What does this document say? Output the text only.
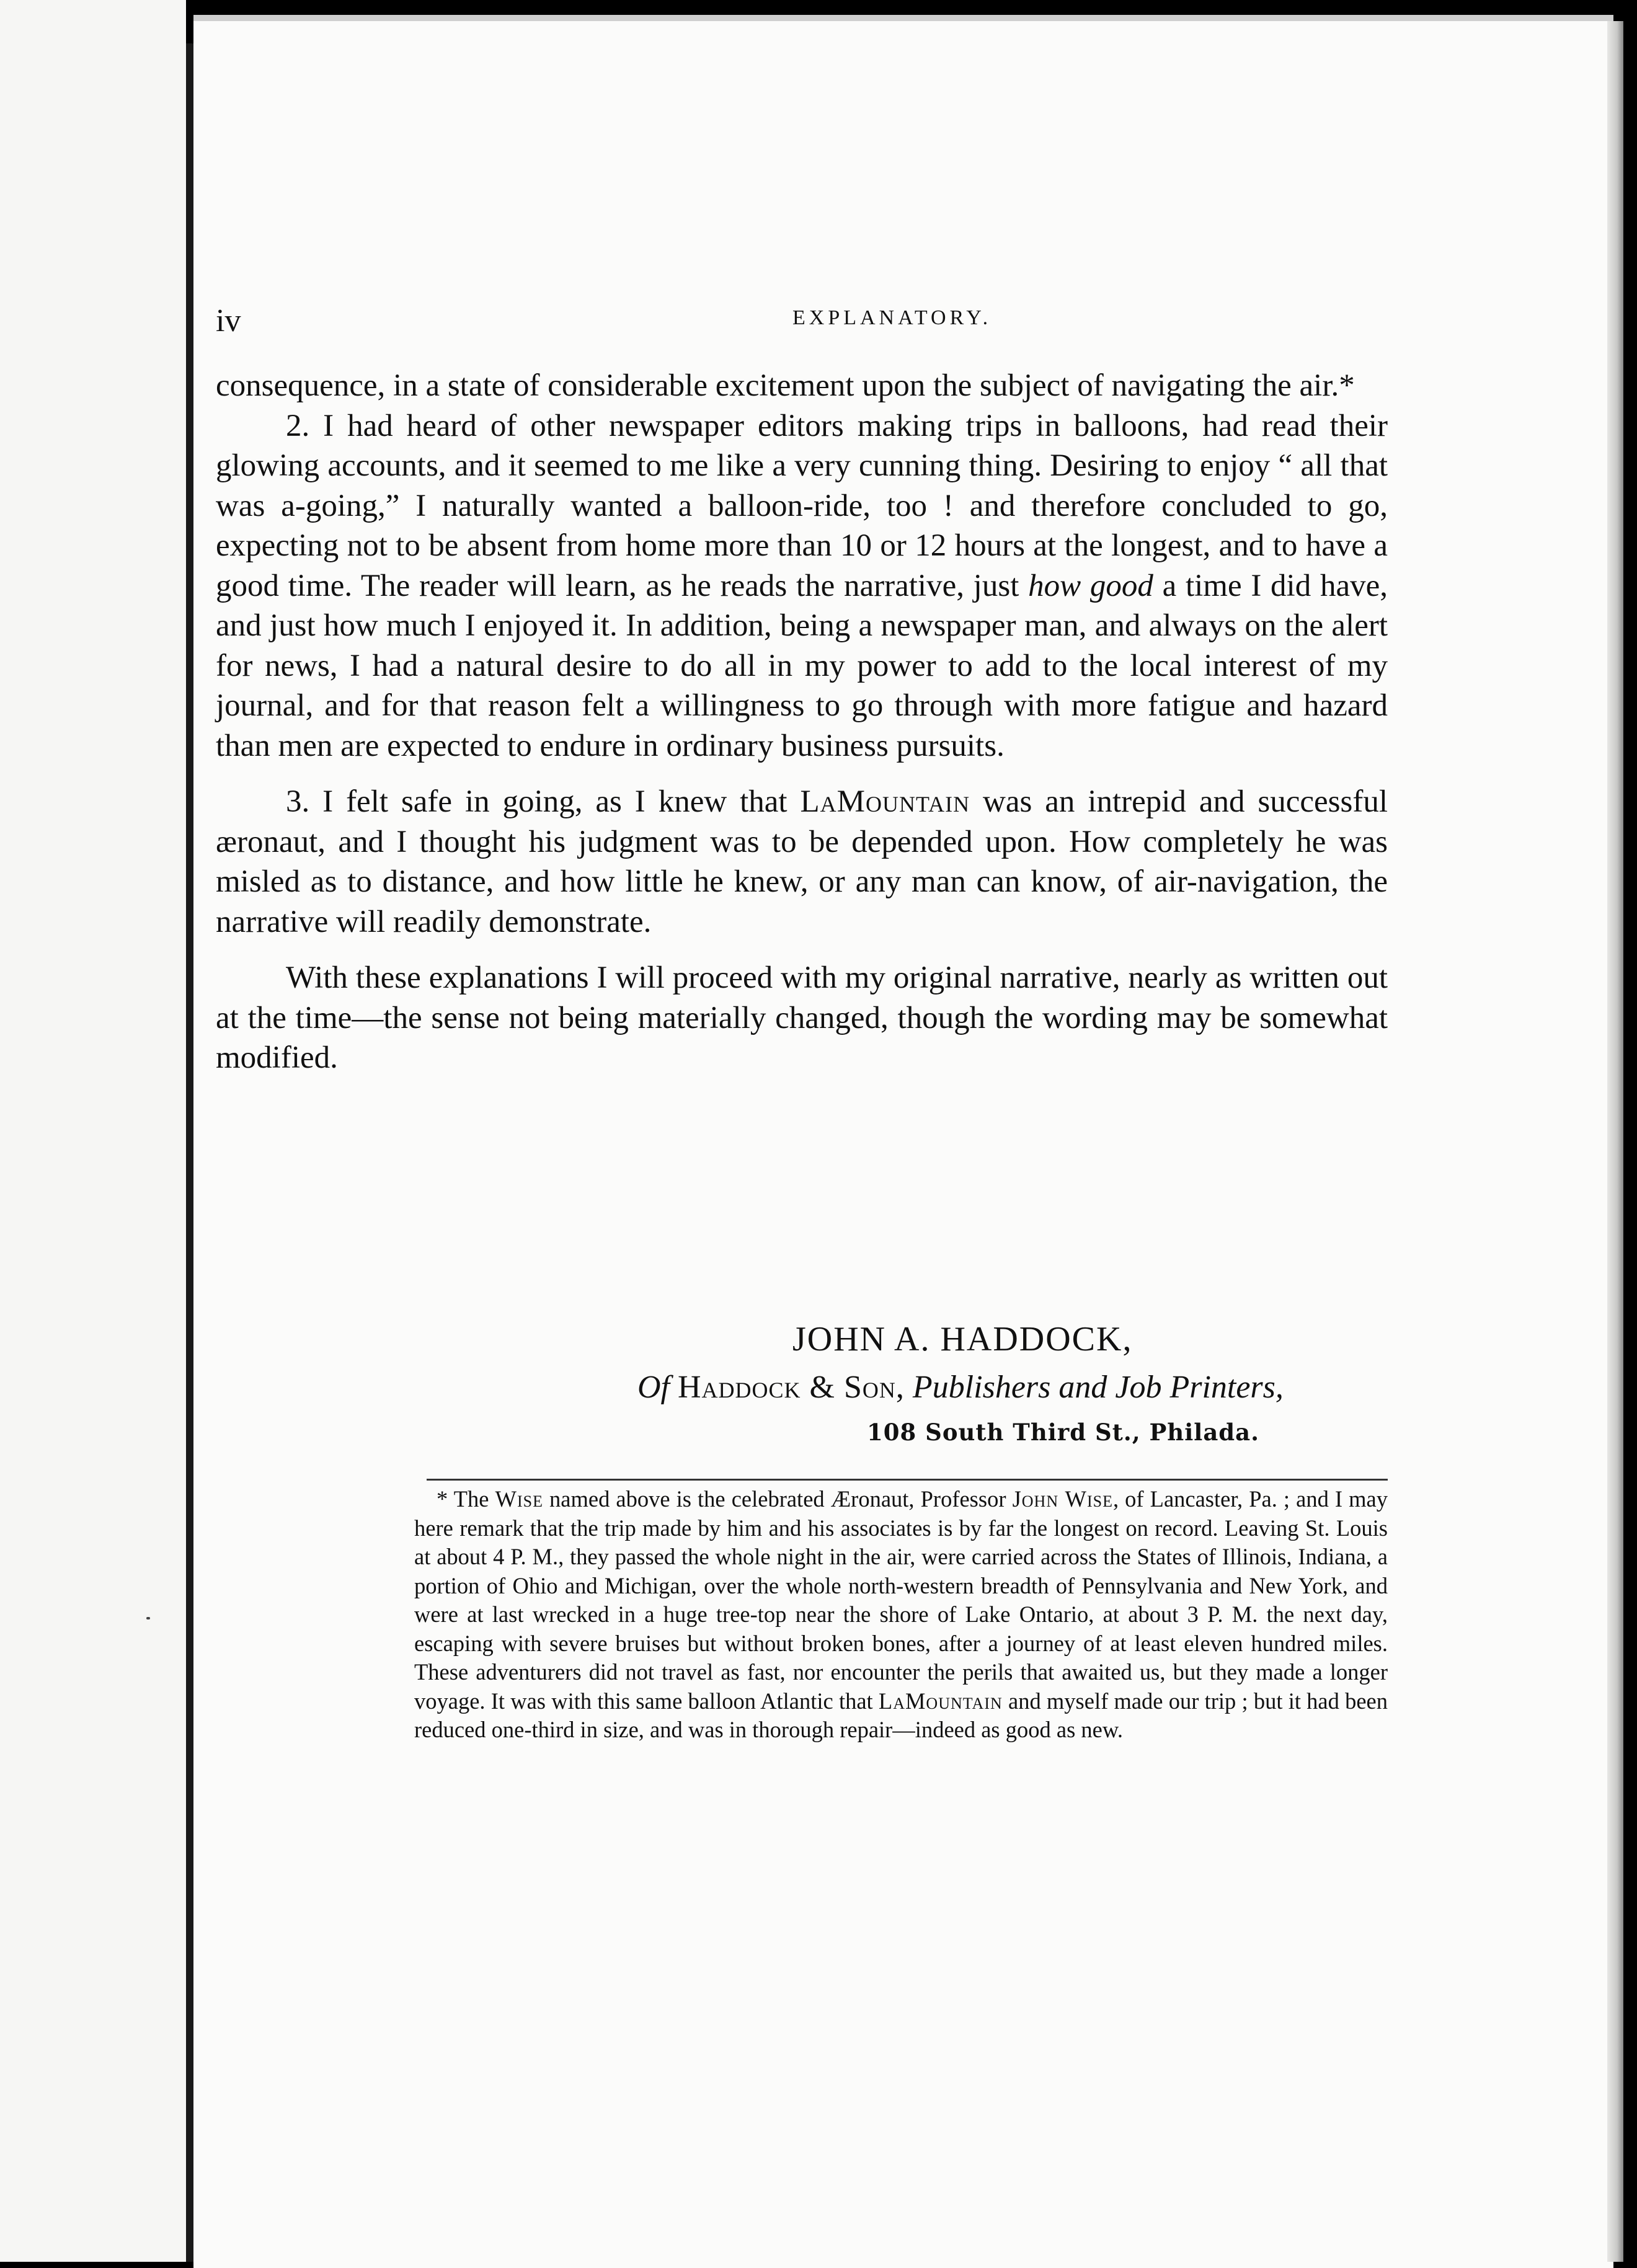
iv	EXPLANATORY.

consequence, in a state of considerable excitement upon the subject of navigating the air.*

2. I had heard of other newspaper editors making trips in balloons, had read their glowing accounts, and it seemed to me like a very cunning thing. Desiring to enjoy “ all that was a-going,” I naturally wanted a balloon-ride, too ! and therefore concluded to go, expecting not to be absent from home more than 10 or 12 hours at the longest, and to have a good time. The reader will learn, as he reads the narrative, just how good a time I did have, and just how much I enjoyed it. In addition, being a newspaper man, and always on the alert for news, I had a natural desire to do all in my power to add to the local interest of my journal, and for that reason felt a willingness to go through with more fatigue and hazard than men are expected to endure in ordinary business pursuits.

3. I felt safe in going, as I knew that LaMountain was an intrepid and successful æronaut, and I thought his judgment was to be depended upon. How completely he was misled as to distance, and how little he knew, or any man can know, of air-navigation, the narrative will readily demonstrate.

With these explanations I will proceed with my original narrative, nearly as written out at the time—the sense not being materially changed, though the wording may be somewhat modified.

JOHN A. HADDOCK,
Of Haddock & Son, Publishers and Job Printers,
108 South Third St., Philada.

* The Wise named above is the celebrated Æronaut, Professor John Wise, of Lancaster, Pa. ; and I may here remark that the trip made by him and his associates is by far the longest on record. Leaving St. Louis at about 4 P. M., they passed the whole night in the air, were carried across the States of Illinois, Indiana, a portion of Ohio and Michigan, over the whole north-western breadth of Pennsylvania and New York, and were at last wrecked in a huge tree-top near the shore of Lake Ontario, at about 3 P. M. the next day, escaping with severe bruises but without broken bones, after a journey of at least eleven hundred miles. These adventurers did not travel as fast, nor encounter the perils that awaited us, but they made a longer voyage. It was with this same balloon Atlantic that LaMountain and myself made our trip ; but it had been reduced one-third in size, and was in thorough repair—indeed as good as new.
